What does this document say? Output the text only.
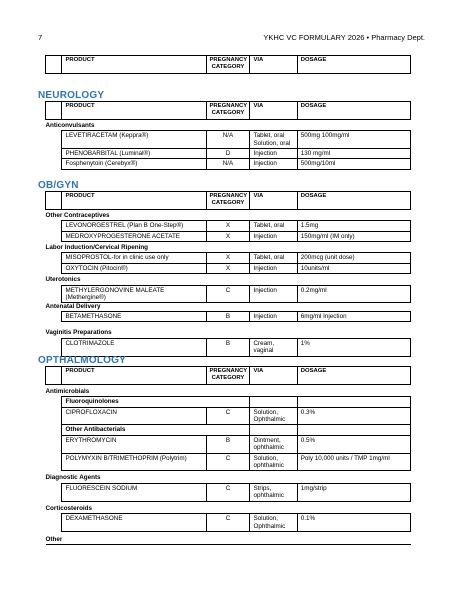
7	YKHC VC FORMULARY 2026 • Pharmacy Dept.
	PRODUCT	PREGNANCY CATEGORY	VIA	DOSAGE
NEUROLOGY
	PRODUCT	PREGNANCY CATEGORY	VIA	DOSAGE
Anticonvulsants				
	LEVETIRACETAM (Keppra®)	N/A	Tablet, oral Solution, oral	500mg 100mg/ml
	PHENOBARBITAL (Luminal®)	D	Injection	130 mg/ml
	Fosphenytoin (Cerebyx®)	N/A	Injection	500mg/10ml
OB/GYN
	PRODUCT	PREGNANCY CATEGORY	VIA	DOSAGE
Other Contraceptives				
	LEVONORGESTREL (Plan B One-Step®)	X	Tablet, oral	1.5mg
	MEDROXYPROGESTERONE ACETATE	X	Injection	150mg/ml (IM only)
Labor Induction/Cervical Ripening				
	MISOPROSTOL-for in clinic use only	X	Tablet, oral	200mcg (unit dose)
	OXYTOCIN (Pitocin®)	X	Injection	10units/ml
Uterotonics				
	METHYLERGONOVINE MALEATE (Methergine®)	C	Injection	0.2mg/ml
Antenatal Delivery				
	BETAMETHASONE	B	Injection	6mg/ml Injection
Vaginitis Preparations				
	CLOTRIMAZOLE	B	Cream, vaginal	1%
OPTHALMOLOGY
	PRODUCT	PREGNANCY CATEGORY	VIA	DOSAGE
Antimicrobials				
	Fluoroquinolones			
	CIPROFLOXACIN	C	Solution, Ophthalmic	0.3%
	Other Antibacterials			
	ERYTHROMYCIN	B	Ointment, ophthalmic	0.5%
	POLYMYXIN B/TRIMETHOPRIM (Polytrim)	C	Solution, ophthalmic	Poly 10,000 units / TMP 1mg/ml
Diagnostic Agents				
	FLUORESCEIN SODIUM	C	Strips, ophthalmic	1mg/strip
Corticosteroids				
	DEXAMETHASONE	C	Solution, Ophthalmic	0.1%
Other				
